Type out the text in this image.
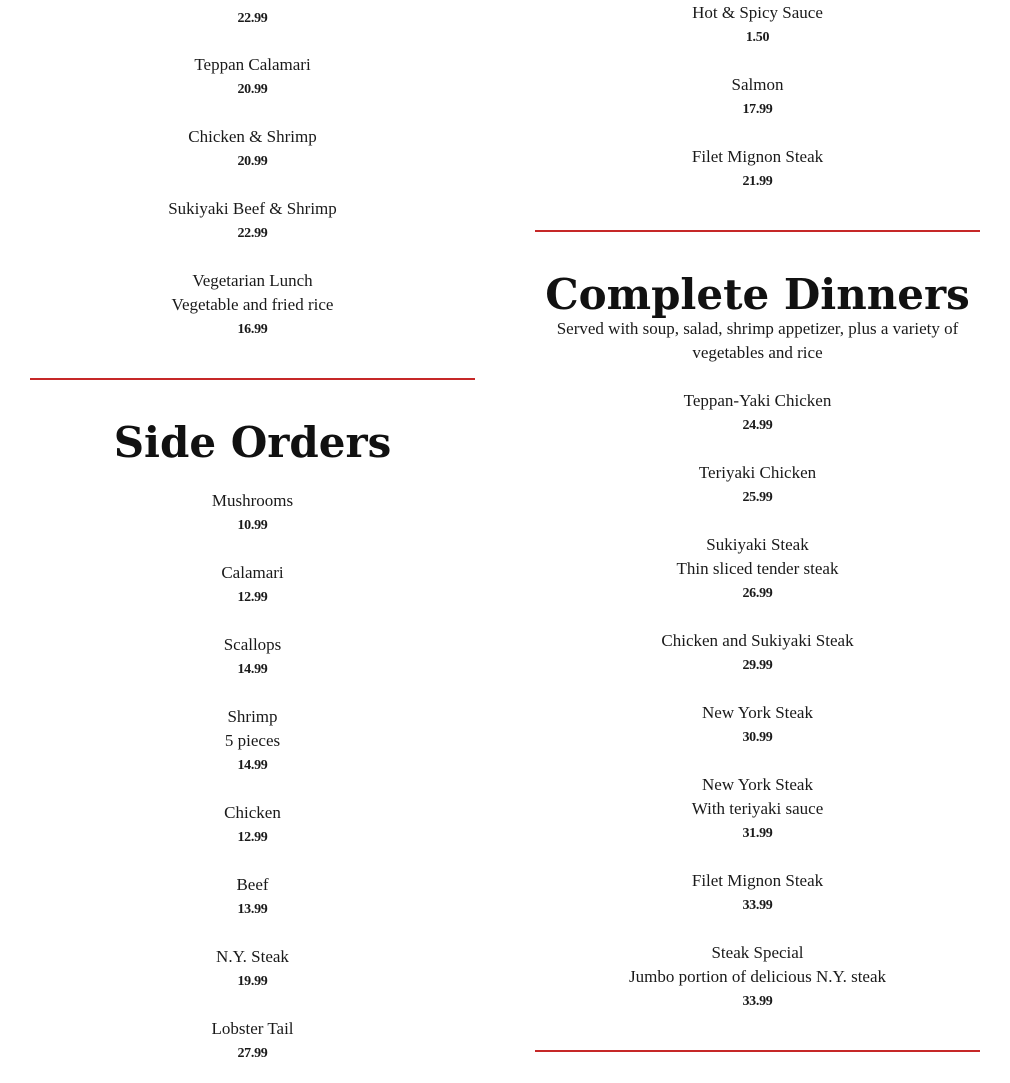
22.99
Teppan Calamari
20.99
Chicken & Shrimp
20.99
Sukiyaki Beef & Shrimp
22.99
Vegetarian Lunch
Vegetable and fried rice
16.99
Side Orders
Mushrooms
10.99
Calamari
12.99
Scallops
14.99
Shrimp
5 pieces
14.99
Chicken
12.99
Beef
13.99
N.Y. Steak
19.99
Lobster Tail
27.99
Hot & Spicy Sauce
1.50
Salmon
17.99
Filet Mignon Steak
21.99
Complete Dinners
Served with soup, salad, shrimp appetizer, plus a variety of vegetables and rice
Teppan-Yaki Chicken
24.99
Teriyaki Chicken
25.99
Sukiyaki Steak
Thin sliced tender steak
26.99
Chicken and Sukiyaki Steak
29.99
New York Steak
30.99
New York Steak
With teriyaki sauce
31.99
Filet Mignon Steak
33.99
Steak Special
Jumbo portion of delicious N.Y. steak
33.99
